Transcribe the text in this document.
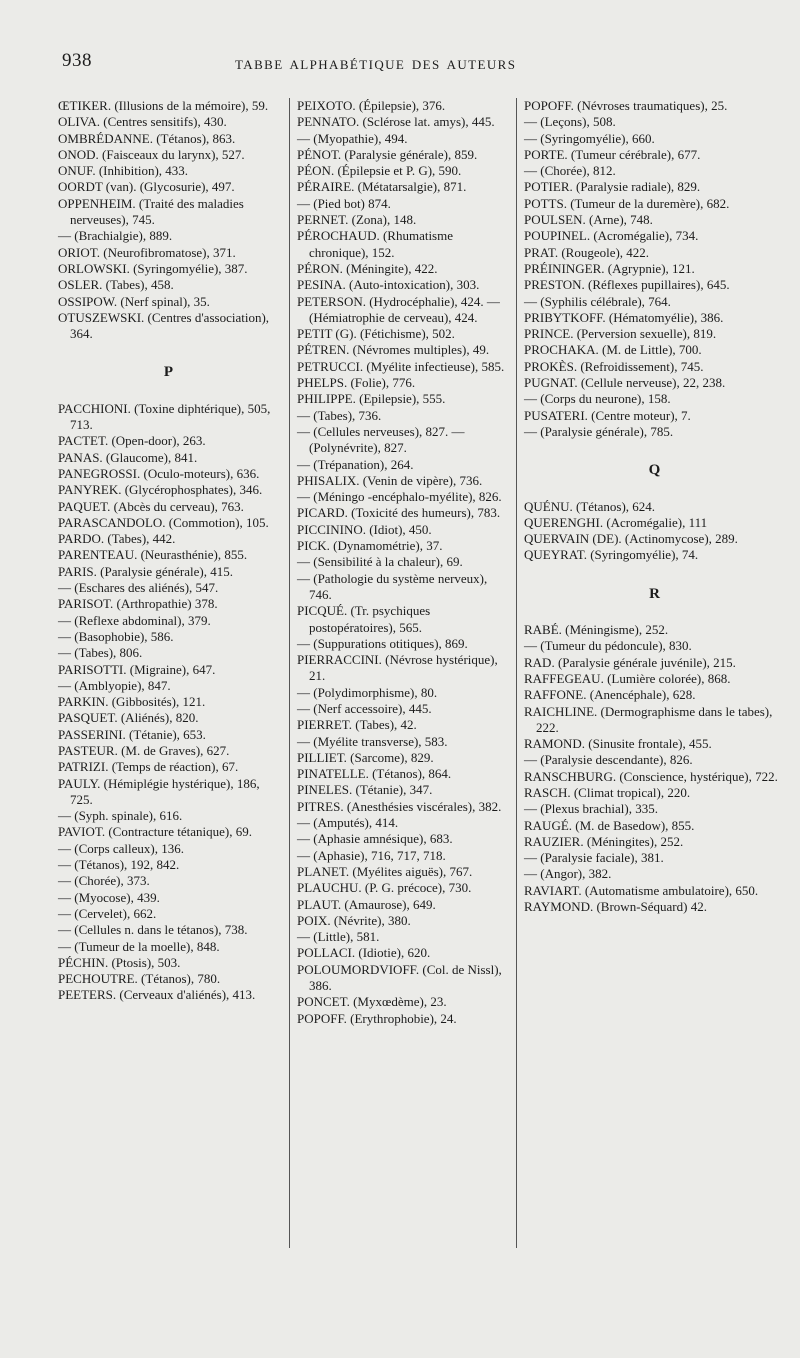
938	TABBE ALPHABÉTIQUE DES AUTEURS

ŒTIKER. (Illusions de la mémoire), 59.

OLIVA. (Centres sensitifs), 430.

OMBRÉDANNE. (Tétanos), 863.

ONOD. (Faisceaux du larynx), 527.

ONUF. (Inhibition), 433.

OORDT (van). (Glycosurie), 497.

OPPENHEIM. (Traité des maladies nerveuses), 745.

— (Brachialgie), 889.

ORIOT. (Neurofibromatose), 371.

ORLOWSKI. (Syringomyélie), 387.

OSLER. (Tabes), 458.

OSSIPOW. (Nerf spinal), 35.

OTUSZEWSKI. (Centres d'association), 364.

P

PACCHIONI. (Toxine diphtérique), 505, 713.

PACTET. (Open-door), 263.

PANAS. (Glaucome), 841.

PANEGROSSI. (Oculo-moteurs), 636.

PANYREK. (Glycérophosphates), 346.

PAQUET. (Abcès du cerveau), 763.

PARASCANDOLO. (Commotion), 105.

PARDO. (Tabes), 442.

PARENTEAU. (Neurasthénie), 855.

PARIS. (Paralysie générale), 415.

— (Eschares des aliénés), 547.

PARISOT. (Arthropathie) 378.

— (Reflexe abdominal), 379.

— (Basophobie), 586.

— (Tabes), 806.

PARISOTTI. (Migraine), 647.

— (Amblyopie), 847.

PARKIN. (Gibbosités), 121.

PASQUET. (Aliénés), 820.

PASSERINI. (Tétanie), 653.

PASTEUR. (M. de Graves), 627.

PATRIZI. (Temps de réaction), 67.

PAULY. (Hémiplégie hystérique), 186, 725.

— (Syph. spinale), 616.

PAVIOT. (Contracture tétanique), 69.

— (Corps calleux), 136.

— (Tétanos), 192, 842.

— (Chorée), 373.

— (Myocose), 439.

— (Cervelet), 662.

— (Cellules n. dans le tétanos), 738.

— (Tumeur de la moelle), 848.

PÉCHIN. (Ptosis), 503.

PECHOUTRE. (Tétanos), 780.

PEETERS. (Cerveaux d'aliénés), 413.

PEIXOTO. (Épilepsie), 376.

PENNATO. (Sclérose lat. amys), 445.

— (Myopathie), 494.

PÉNOT. (Paralysie générale), 859.

PÉON. (Épilepsie et P. G), 590.

PÉRAIRE. (Métatarsalgie), 871.

— (Pied bot) 874.

PERNET. (Zona), 148.

PÉROCHAUD. (Rhumatisme chronique), 152.

PÉRON. (Méningite), 422.

PESINA. (Auto-intoxication), 303.

PETERSON. (Hydrocéphalie), 424. — (Hémiatrophie de cerveau), 424.

PETIT (G). (Fétichisme), 502.

PÉTREN. (Névromes multiples), 49.

PETRUCCI. (Myélite infectieuse), 585.

PHELPS. (Folie), 776.

PHILIPPE. (Epilepsie), 555.

— (Tabes), 736.

— (Cellules nerveuses), 827. — (Polynévrite), 827.

— (Trépanation), 264.

PHISALIX. (Venin de vipère), 736.

— (Méningo -encéphalo-myélite), 826.

PICARD. (Toxicité des humeurs), 783.

PICCININO. (Idiot), 450.

PICK. (Dynamométrie), 37.

— (Sensibilité à la chaleur), 69.

— (Pathologie du système nerveux), 746.

PICQUÉ. (Tr. psychiques postopératoires), 565.

— (Suppurations otitiques), 869.

PIERRACCINI. (Névrose hystérique), 21.

— (Polydimorphisme), 80.

— (Nerf accessoire), 445.

PIERRET. (Tabes), 42.

— (Myélite transverse), 583.

PILLIET. (Sarcome), 829.

PINATELLE. (Tétanos), 864.

PINELES. (Tétanie), 347.

PITRES. (Anesthésies viscérales), 382.

— (Amputés), 414.

— (Aphasie amnésique), 683.

— (Aphasie), 716, 717, 718.

PLANET. (Myélites aiguës), 767.

PLAUCHU. (P. G. précoce), 730.

PLAUT. (Amaurose), 649.

POIX. (Névrite), 380.

— (Little), 581.

POLLACI. (Idiotie), 620.

POLOUMORDVIOFF. (Col. de Nissl), 386.

PONCET. (Myxœdème), 23.

POPOFF. (Erythrophobie), 24.

POPOFF. (Névroses traumatiques), 25.

— (Leçons), 508.

— (Syringomyélie), 660.

PORTE. (Tumeur cérébrale), 677.

— (Chorée), 812.

POTIER. (Paralysie radiale), 829.

POTTS. (Tumeur de la duremère), 682.

POULSEN. (Arne), 748.

POUPINEL. (Acromégalie), 734.

PRAT. (Rougeole), 422.

PRÉININGER. (Agrypnie), 121.

PRESTON. (Réflexes pupillaires), 645.

— (Syphilis célébrale), 764.

PRIBYTKOFF. (Hématomyélie), 386.

PRINCE. (Perversion sexuelle), 819.

PROCHAKA. (M. de Little), 700.

PROKÈS. (Refroidissement), 745.

PUGNAT. (Cellule nerveuse), 22, 238.

— (Corps du neurone), 158.

PUSATERI. (Centre moteur), 7.

— (Paralysie générale), 785.

Q

QUÉNU. (Tétanos), 624.

QUERENGHI. (Acromégalie), 111

QUERVAIN (DE). (Actinomycose), 289.

QUEYRAT. (Syringomyélie), 74.

R

RABÉ. (Méningisme), 252.

— (Tumeur du pédoncule), 830.

RAD. (Paralysie générale juvénile), 215.

RAFFEGEAU. (Lumière colorée), 868.

RAFFONE. (Anencéphale), 628.

RAICHLINE. (Dermographisme dans le tabes), 222.

RAMOND. (Sinusite frontale), 455.

— (Paralysie descendante), 826.

RANSCHBURG. (Conscience, hystérique), 722.

RASCH. (Climat tropical), 220.

— (Plexus brachial), 335.

RAUGÉ. (M. de Basedow), 855.

RAUZIER. (Méningites), 252.

— (Paralysie faciale), 381.

— (Angor), 382.

RAVIART. (Automatisme ambulatoire), 650.

RAYMOND. (Brown-Séquard) 42.
